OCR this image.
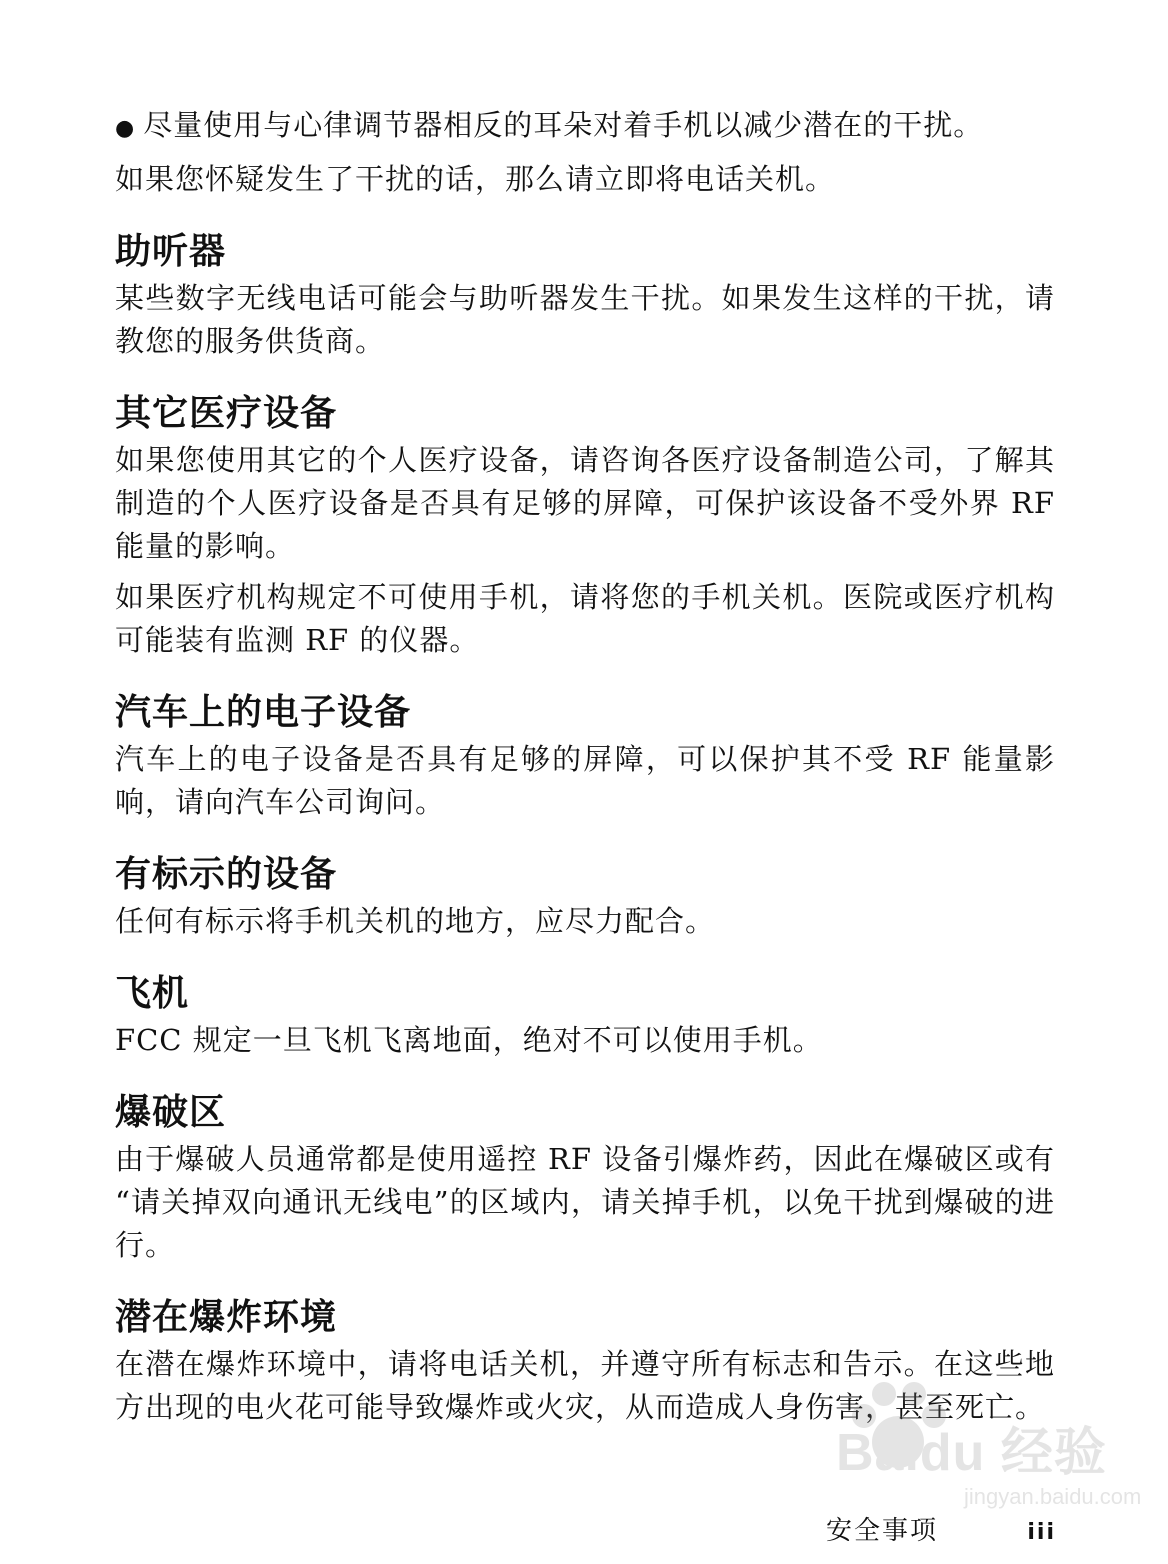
● 尽量使用与心律调节器相反的耳朵对着手机以减少潜在的干扰。

如果您怀疑发生了干扰的话，那么请立即将电话关机。

助听器

某些数字无线电话可能会与助听器发生干扰。如果发生这样的干扰，请教您的服务供货商。

其它医疗设备

如果您使用其它的个人医疗设备，请咨询各医疗设备制造公司，了解其制造的个人医疗设备是否具有足够的屏障，可保护该设备不受外界 RF 能量的影响。

如果医疗机构规定不可使用手机，请将您的手机关机。医院或医疗机构可能装有监测 RF 的仪器。

汽车上的电子设备

汽车上的电子设备是否具有足够的屏障，可以保护其不受 RF 能量影响，请向汽车公司询问。

有标示的设备

任何有标示将手机关机的地方，应尽力配合。

飞机

FCC 规定一旦飞机飞离地面，绝对不可以使用手机。

爆破区

由于爆破人员通常都是使用遥控 RF 设备引爆炸药，因此在爆破区或有 “请关掉双向通讯无线电”的区域内，请关掉手机，以免干扰到爆破的进行。

潜在爆炸环境

在潜在爆炸环境中，请将电话关机，并遵守所有标志和告示。在这些地方出现的电火花可能导致爆炸或火灾，从而造成人身伤害，甚至死亡。

Baidu 经验
jingyan.baidu.com
安全事项	iii
